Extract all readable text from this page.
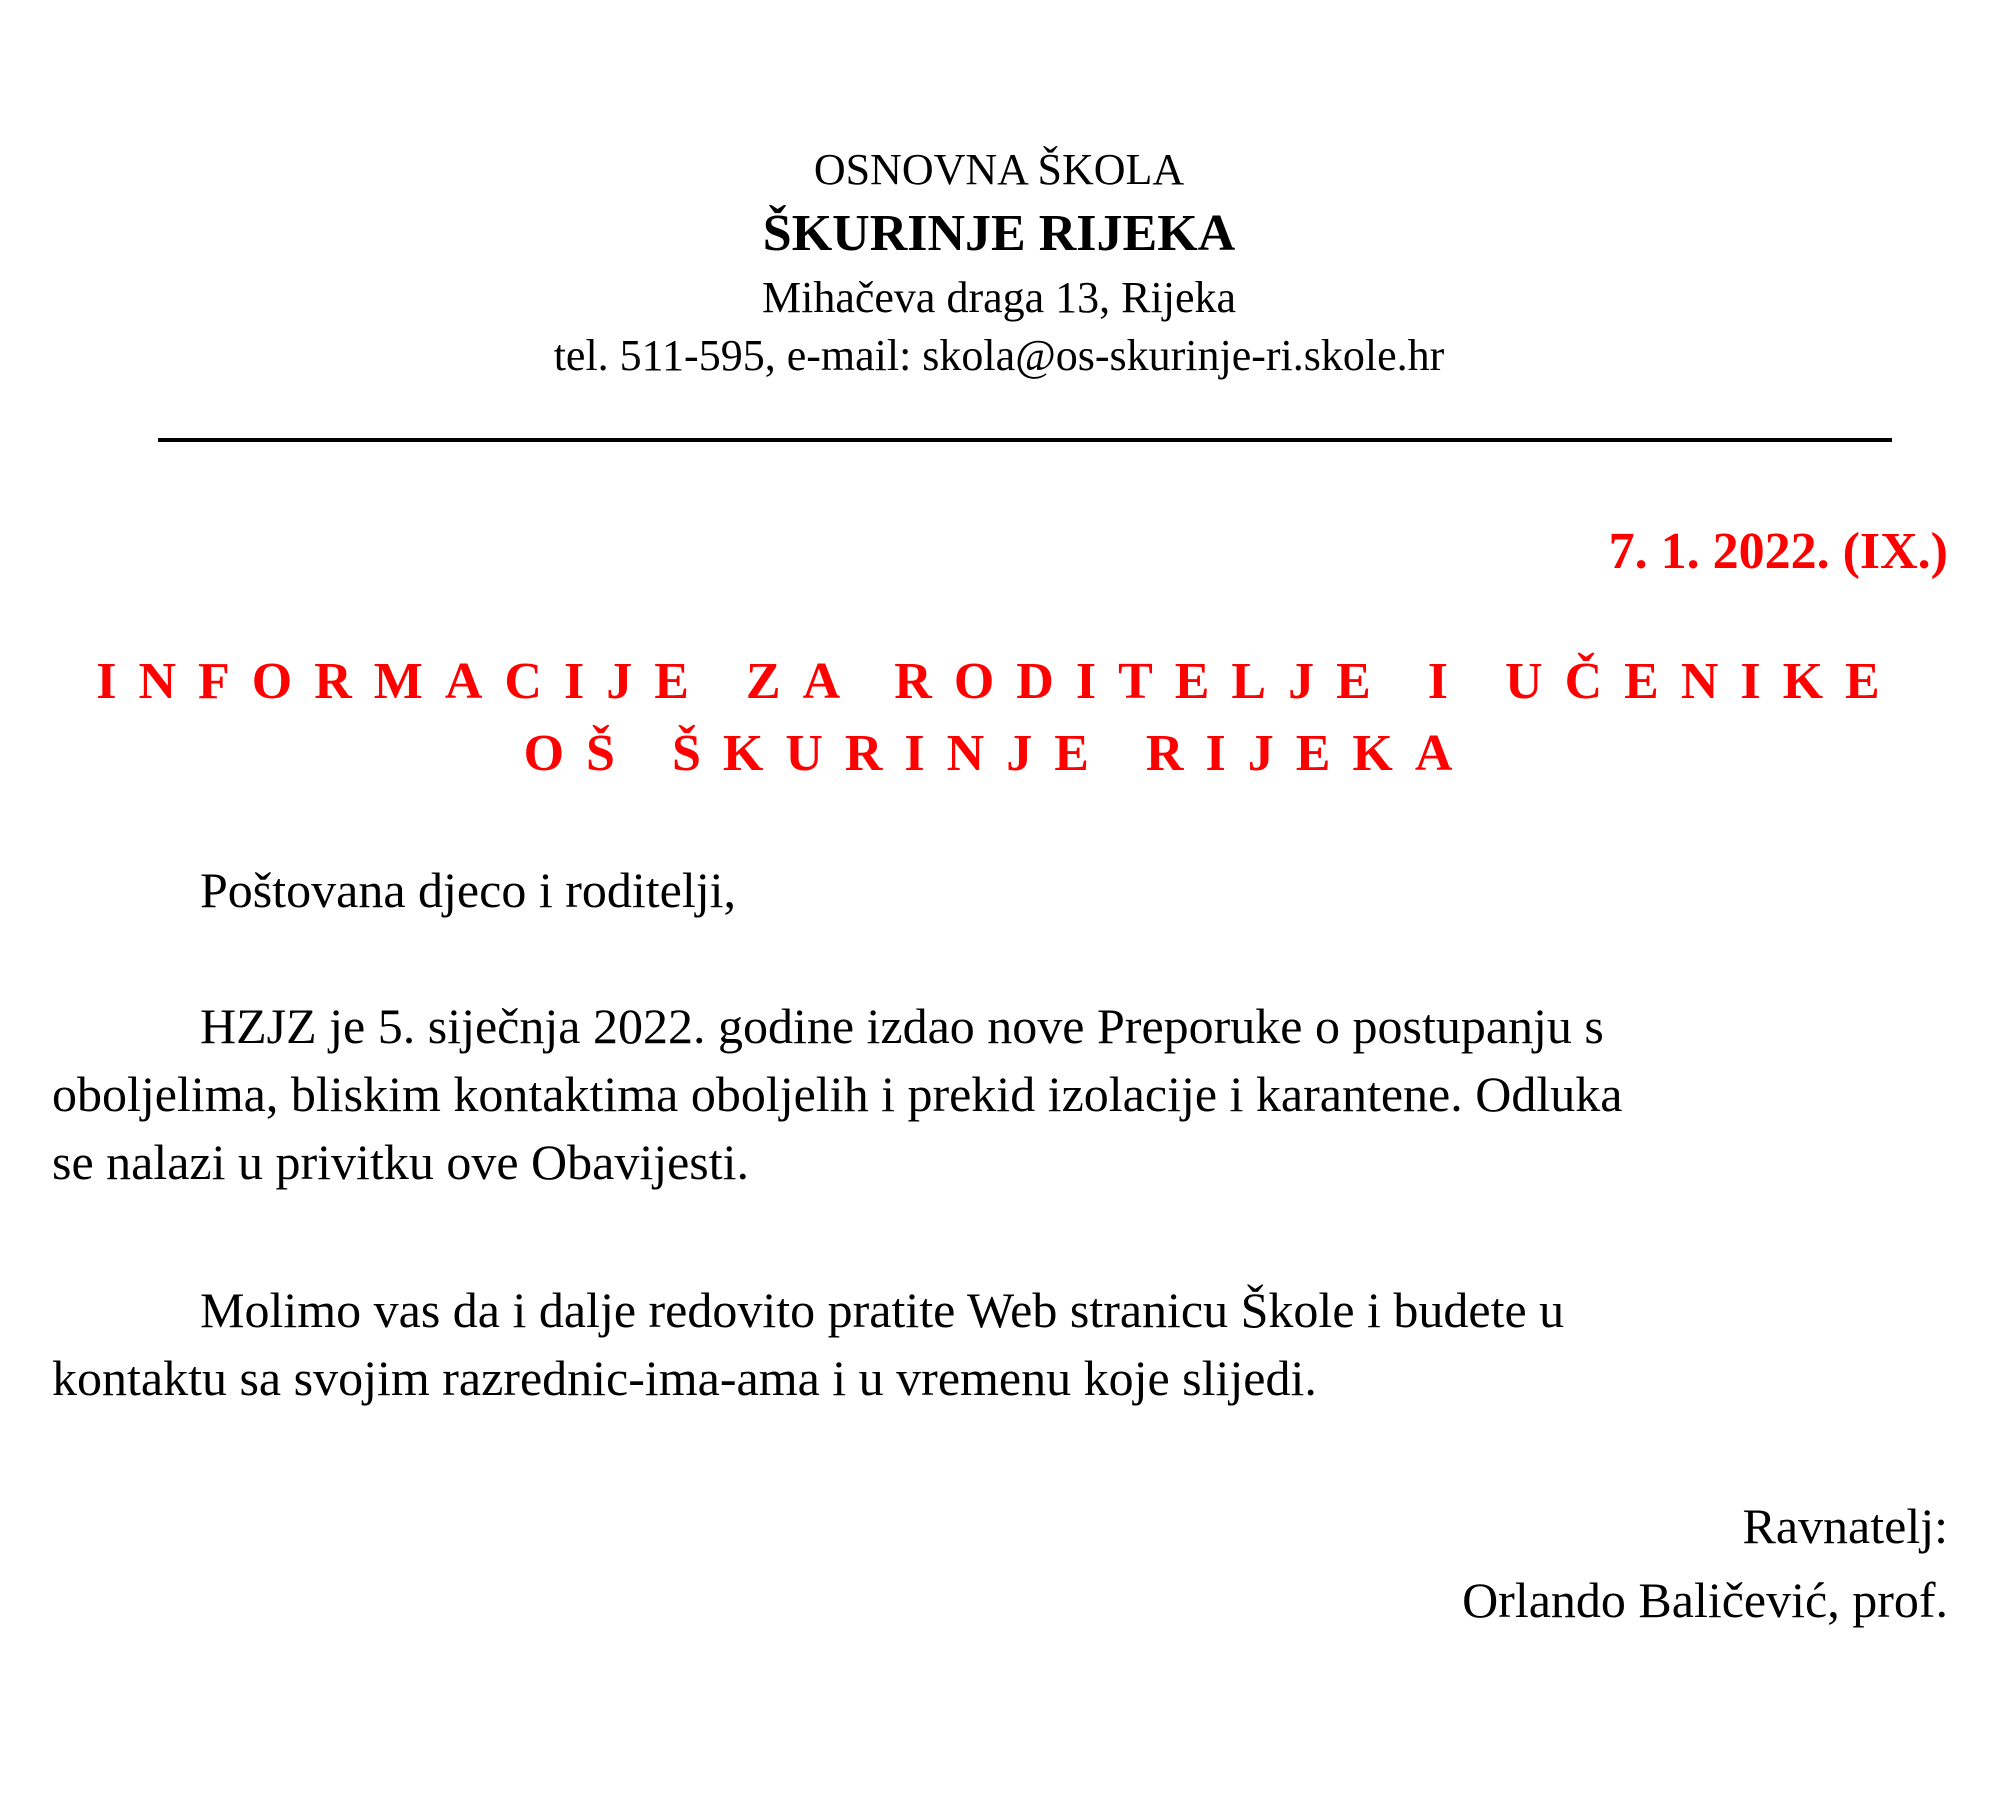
OSNOVNA ŠKOLA
ŠKURINJE RIJEKA
Mihačeva draga 13, Rijeka
tel. 511-595, e-mail: skola@os-skurinje-ri.skole.hr
7. 1. 2022. (IX.)
INFORMACIJE ZA RODITELJE I UČENIKE
OŠ ŠKURINJE RIJEKA
Poštovana djeco i roditelji,
HZJZ je 5. siječnja 2022. godine izdao nove Preporuke o postupanju s
oboljelima, bliskim kontaktima oboljelih i prekid izolacije i karantene. Odluka
se nalazi u privitku ove Obavijesti.
Molimo vas da i dalje redovito pratite Web stranicu Škole i budete u
kontaktu sa svojim razrednic-ima-ama i u vremenu koje slijedi.
Ravnatelj:
Orlando Baličević, prof.
